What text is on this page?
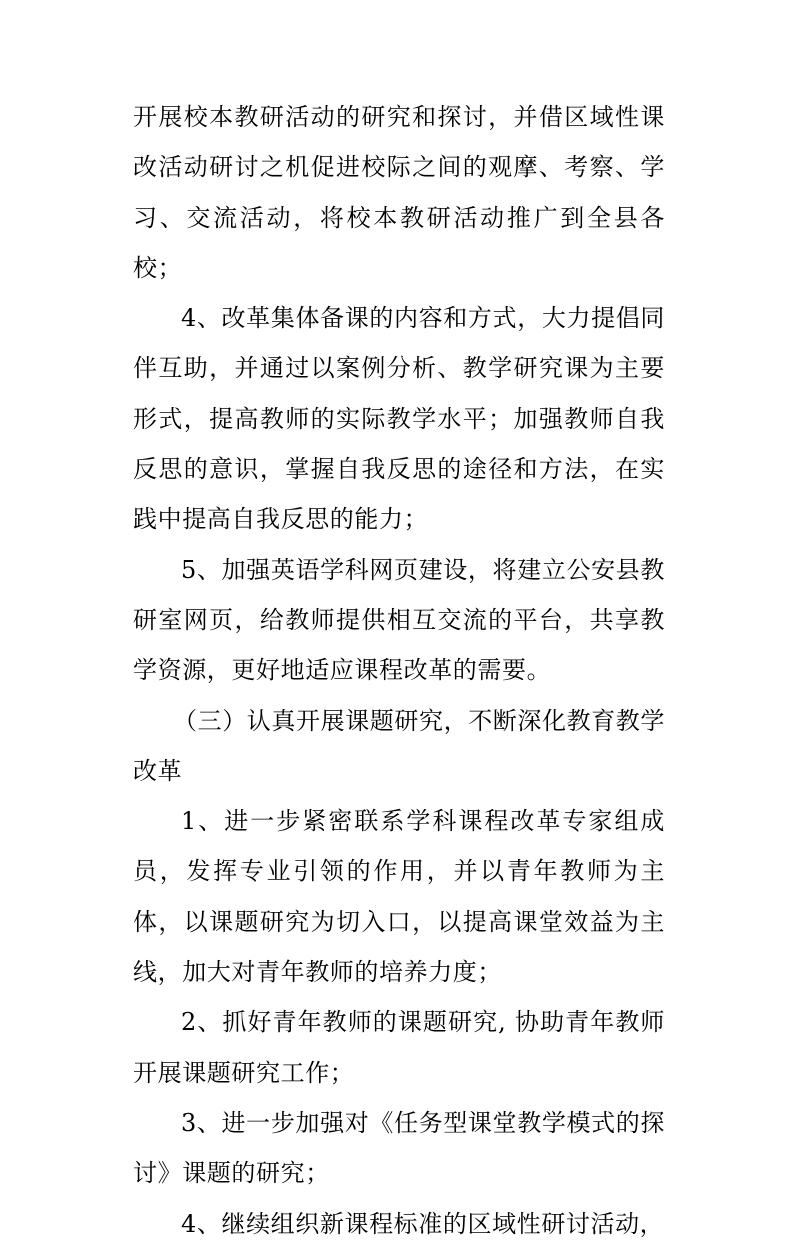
开展校本教研活动的研究和探讨，并借区域性课改活动研讨之机促进校际之间的观摩、考察、学习、交流活动，将校本教研活动推广到全县各校；

4、改革集体备课的内容和方式，大力提倡同伴互助，并通过以案例分析、教学研究课为主要形式，提高教师的实际教学水平；加强教师自我反思的意识，掌握自我反思的途径和方法，在实践中提高自我反思的能力；

5、加强英语学科网页建设，将建立公安县教研室网页，给教师提供相互交流的平台，共享教学资源，更好地适应课程改革的需要。

（三）认真开展课题研究，不断深化教育教学改革

1、进一步紧密联系学科课程改革专家组成员，发挥专业引领的作用，并以青年教师为主体，以课题研究为切入口，以提高课堂效益为主线，加大对青年教师的培养力度；

2、抓好青年教师的课题研究, 协助青年教师开展课题研究工作；

3、进一步加强对《任务型课堂教学模式的探讨》课题的研究；

4、继续组织新课程标准的区域性研讨活动，
